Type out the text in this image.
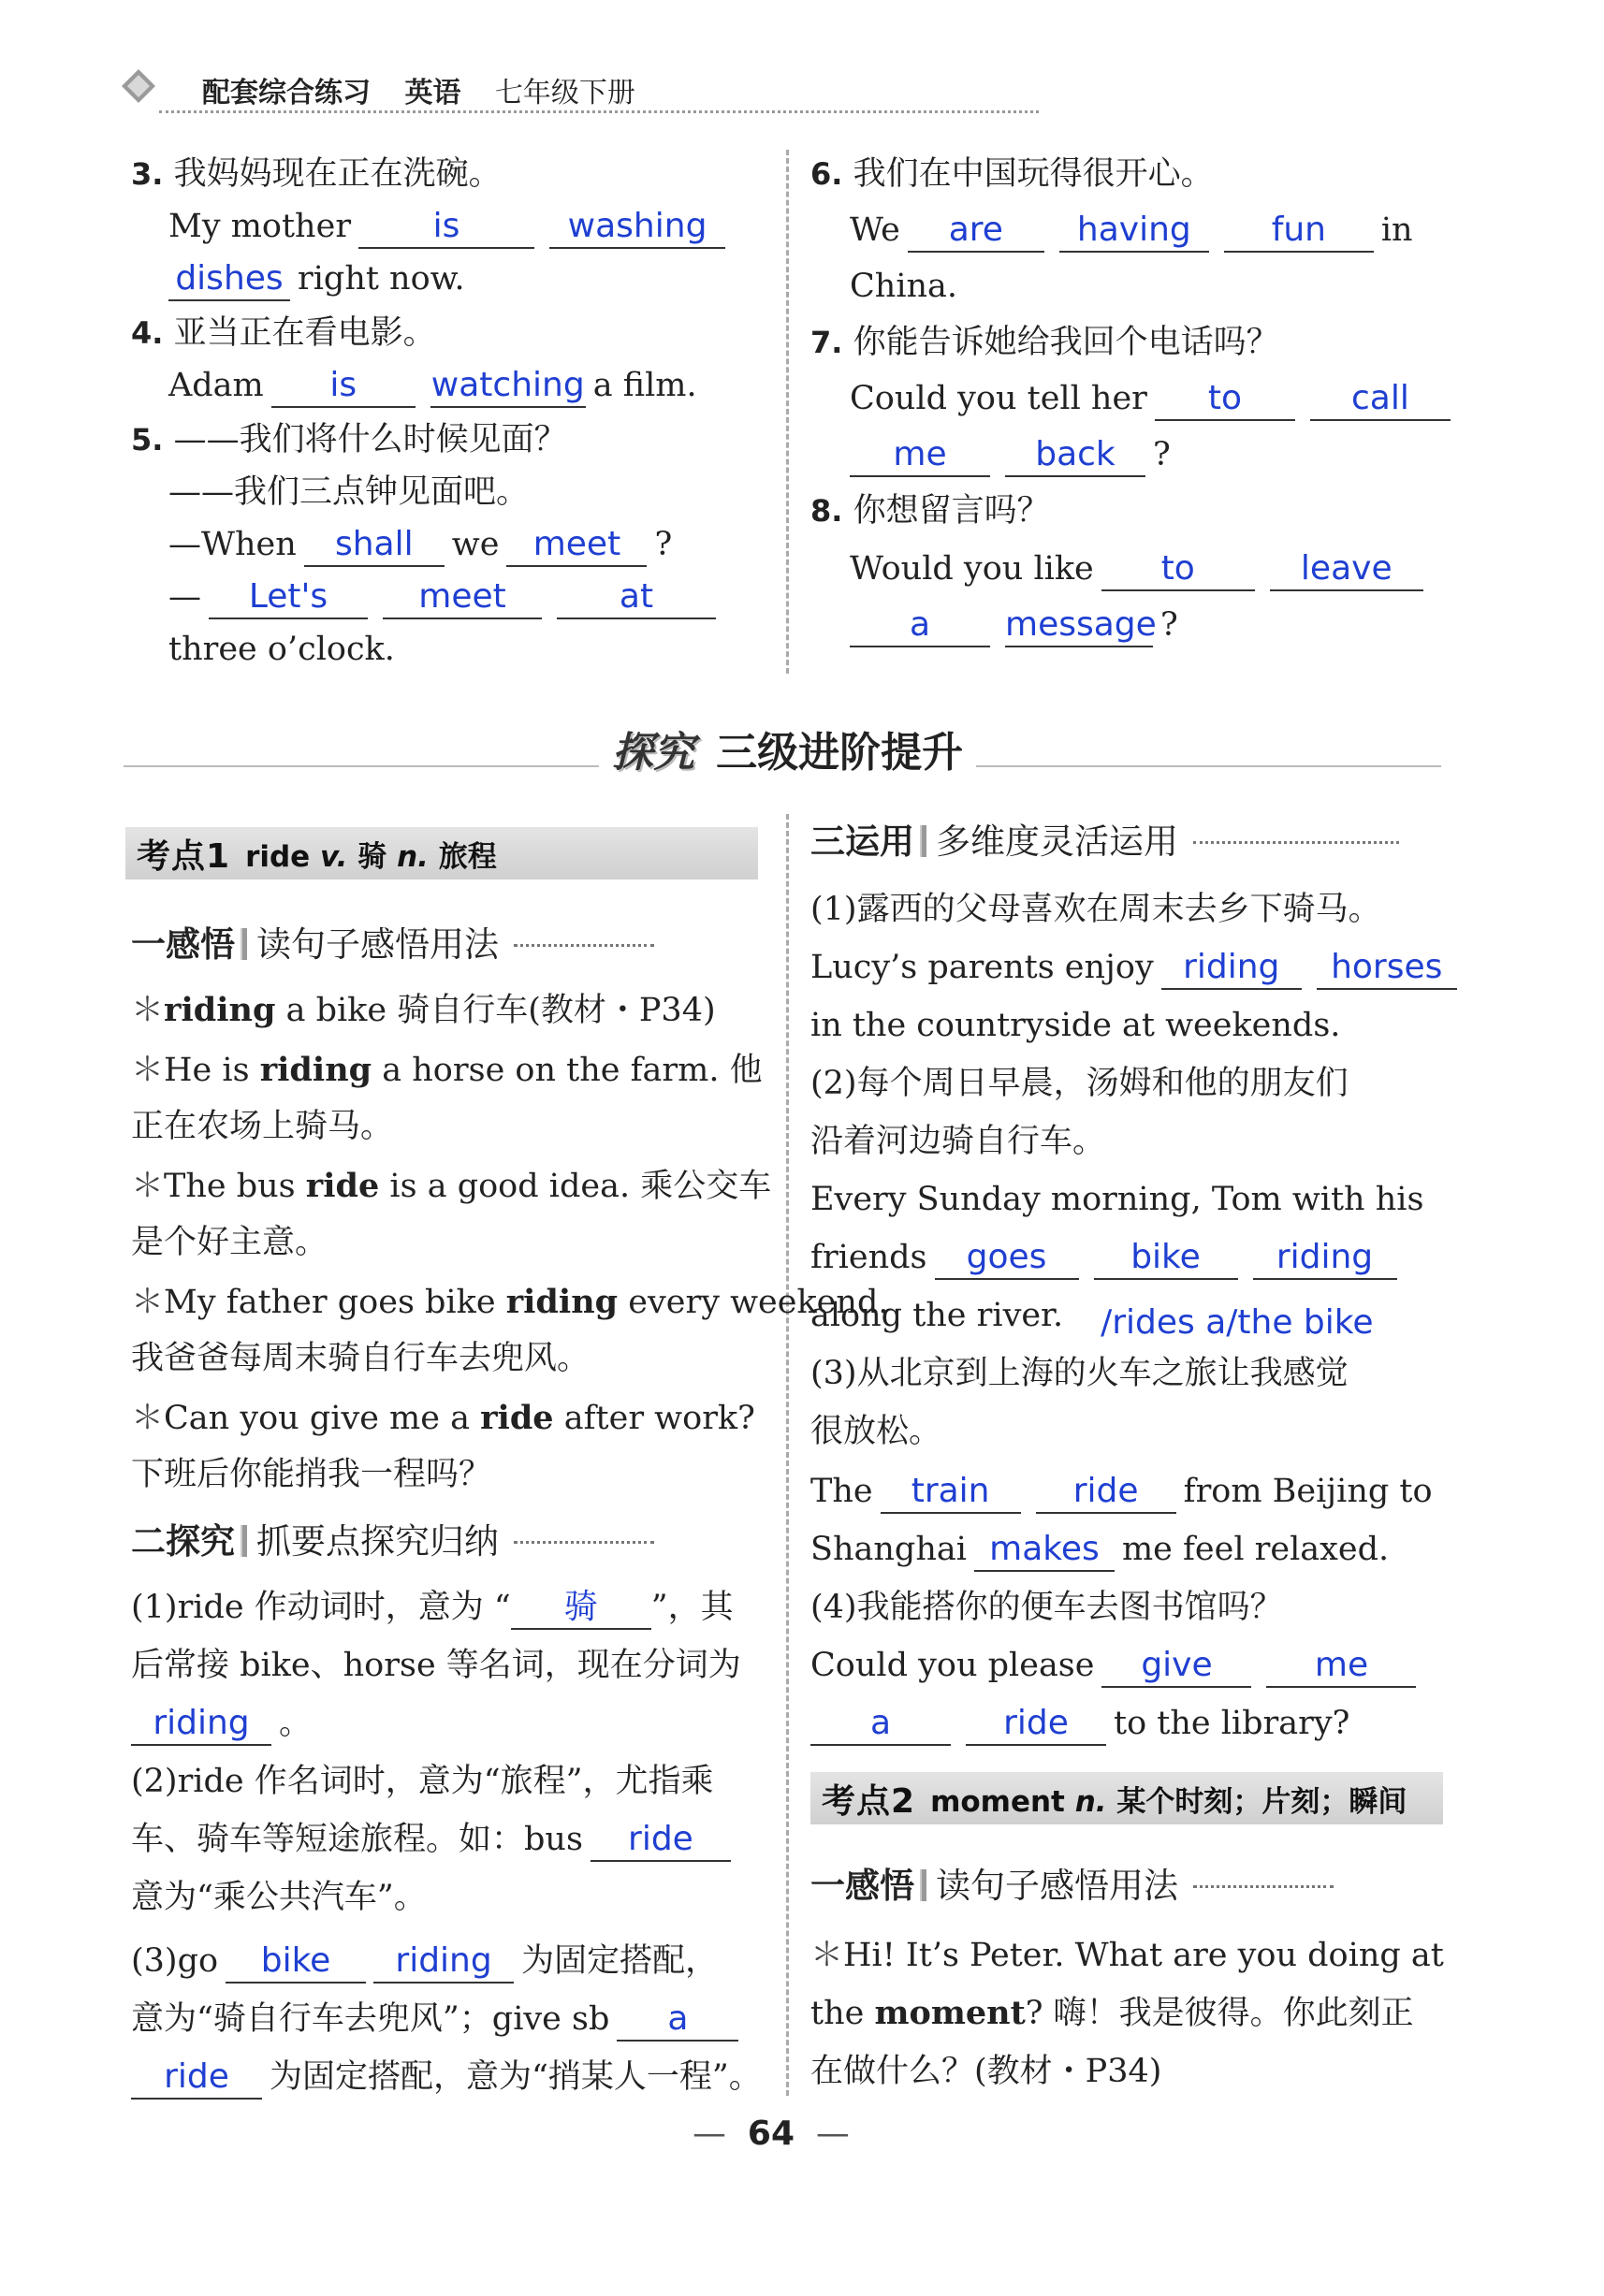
配套综合练习 英语 七年级下册
3. 我妈妈现在正在洗碗。
My mother is	washing
dishes right now.
4. 亚当正在看电影。
Adam is watching a film.
5. ——我们将什么时候见面？
——我们三点钟见面吧。
—When shall we meet ?
— Let's	meet	at
three o’clock.
6. 我们在中国玩得很开心。
We are having fun in
China.
7. 你能告诉她给我回个电话吗？
Could you tell her to	call
me	back ?
8. 你想留言吗？
Would you like to	leave
a message ?
探究 三级进阶提升
考点1 ride v. 骑 n. 旅程
一感悟 读句子感悟用法
＊riding a bike 骑自行车(教材・P34)
＊He is riding a horse on the farm. 他
正在农场上骑马。
＊The bus ride is a good idea. 乘公交车
是个好主意。
＊My father goes bike riding every weekend.
我爸爸每周末骑自行车去兜风。
＊Can you give me a ride after work?
下班后你能捎我一程吗？
二探究 抓要点探究归纳
(1)ride 作动词时，意为 “ 骑 ”，其
后常接 bike、horse 等名词，现在分词为
riding 。
(2)ride 作名词时，意为“旅程”，尤指乘
车、骑车等短途旅程。如：bus ride
意为“乘公共汽车”。
(3)go bike riding 为固定搭配，
意为“骑自行车去兜风”；give sb a
ride 为固定搭配，意为“捎某人一程”。
三运用 多维度灵活运用
(1)露西的父母喜欢在周末去乡下骑马。
Lucy’s parents enjoy riding horses
in the countryside at weekends.
(2)每个周日早晨，汤姆和他的朋友们
沿着河边骑自行车。
Every Sunday morning, Tom with his
friends goes bike riding
along the river. /rides a/the bike
(3)从北京到上海的火车之旅让我感觉
很放松。
The train ride from Beijing to
Shanghai makes me feel relaxed.
(4)我能搭你的便车去图书馆吗？
Could you please give	me
a	ride to the library?
考点2 moment n. 某个时刻；片刻；瞬间
一感悟 读句子感悟用法
＊Hi! It’s Peter. What are you doing at
the moment? 嗨！我是彼得。你此刻正
在做什么？(教材・P34)
—  64  —
